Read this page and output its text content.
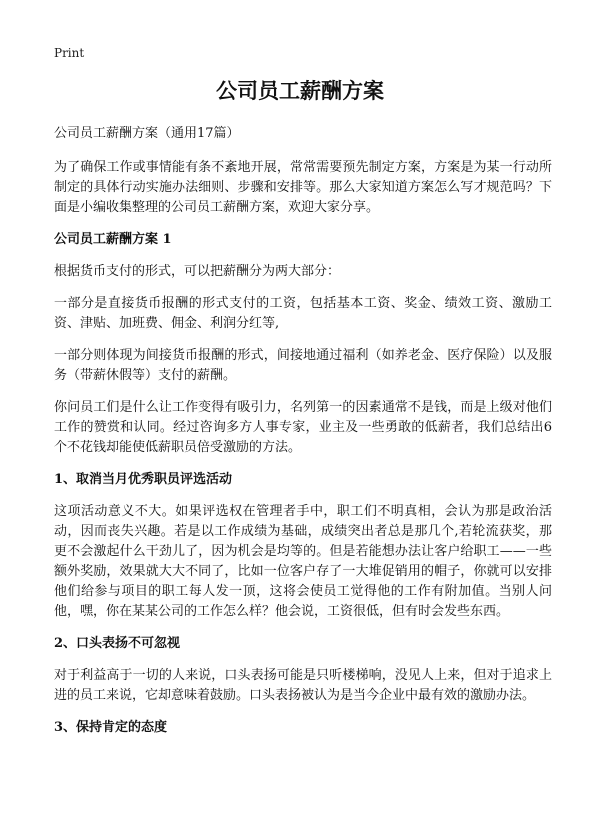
Print
公司员工薪酬方案

公司员工薪酬方案（通用17篇）

为了确保工作或事情能有条不紊地开展，常常需要预先制定方案，方案是为某一行动所制定的具体行动实施办法细则、步骤和安排等。那么大家知道方案怎么写才规范吗？下面是小编收集整理的公司员工薪酬方案，欢迎大家分享。

公司员工薪酬方案 1

根据货币支付的形式，可以把薪酬分为两大部分：

一部分是直接货币报酬的形式支付的工资，包括基本工资、奖金、绩效工资、激励工资、津贴、加班费、佣金、利润分红等,

一部分则体现为间接货币报酬的形式，间接地通过福利（如养老金、医疗保险）以及服务（带薪休假等）支付的薪酬。

你问员工们是什么让工作变得有吸引力，名列第一的因素通常不是钱，而是上级对他们工作的赞赏和认同。经过咨询多方人事专家，业主及一些勇敢的低薪者，我们总结出6个不花钱却能使低薪职员倍受激励的方法。

1、取消当月优秀职员评选活动

这项活动意义不大。如果评选权在管理者手中，职工们不明真相，会认为那是政治活动，因而丧失兴趣。若是以工作成绩为基础，成绩突出者总是那几个,若轮流获奖，那更不会激起什么干劲儿了，因为机会是均等的。但是若能想办法让客户给职工——一些额外奖励，效果就大大不同了，比如一位客户存了一大堆促销用的帽子，你就可以安排他们给参与项目的职工每人发一顶，这将会使员工觉得他的工作有附加值。当别人问他，嘿，你在某某公司的工作怎么样？他会说，工资很低，但有时会发些东西。

2、口头表扬不可忽视

对于利益高于一切的人来说，口头表扬可能是只听楼梯响，没见人上来，但对于追求上进的员工来说，它却意味着鼓励。口头表扬被认为是当今企业中最有效的激励办法。

3、保持肯定的态度
